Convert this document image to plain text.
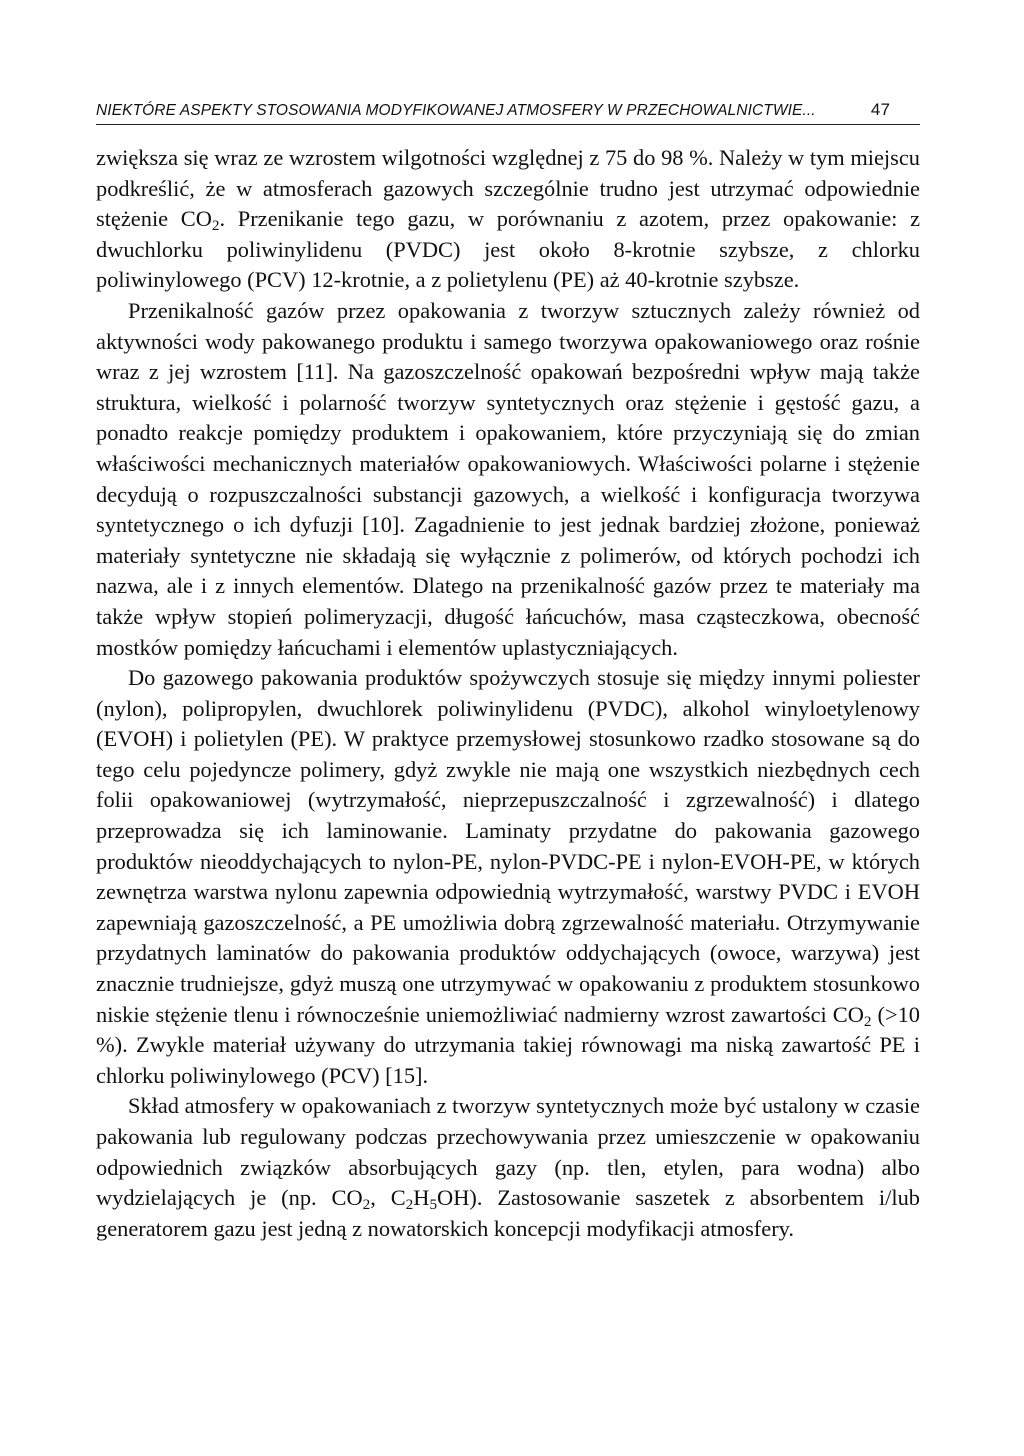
NIEKTÓRE ASPEKTY STOSOWANIA MODYFIKOWANEJ ATMOSFERY W PRZECHOWALNICTWIE...	47

zwiększa się wraz ze wzrostem wilgotności względnej z 75 do 98 %. Należy w tym miejscu podkreślić, że w atmosferach gazowych szczególnie trudno jest utrzymać odpowiednie stężenie $CO_2$. Przenikanie tego gazu, w porównaniu z azotem, przez opakowanie: z dwuchlorku poliwinylidenu (PVDC) jest około 8-krotnie szybsze, z chlorku poliwinylowego (PCV) 12-krotnie, a z polietylenu (PE) aż 40-krotnie szybsze.

Przenikalność gazów przez opakowania z tworzyw sztucznych zależy również od aktywności wody pakowanego produktu i samego tworzywa opakowaniowego oraz rośnie wraz z jej wzrostem [11]. Na gazoszczelność opakowań bezpośredni wpływ mają także struktura, wielkość i polarność tworzyw syntetycznych oraz stężenie i gęstość gazu, a ponadto reakcje pomiędzy produktem i opakowaniem, które przyczyniają się do zmian właściwości mechanicznych materiałów opakowaniowych. Właściwości polarne i stężenie decydują o rozpuszczalności substancji gazowych, a wielkość i konfiguracja tworzywa syntetycznego o ich dyfuzji [10]. Zagadnienie to jest jednak bardziej złożone, ponieważ materiały syntetyczne nie składają się wyłącznie z polimerów, od których pochodzi ich nazwa, ale i z innych elementów. Dlatego na przenikalność gazów przez te materiały ma także wpływ stopień polimeryzacji, długość łańcuchów, masa cząsteczkowa, obecność mostków pomiędzy łańcuchami i elementów uplastyczniających.

Do gazowego pakowania produktów spożywczych stosuje się między innymi poliester (nylon), polipropylen, dwuchlorek poliwinylidenu (PVDC), alkohol winyloetylenowy (EVOH) i polietylen (PE). W praktyce przemysłowej stosunkowo rzadko stosowane są do tego celu pojedyncze polimery, gdyż zwykle nie mają one wszystkich niezbędnych cech folii opakowaniowej (wytrzymałość, nieprzepuszczalność i zgrzewalność) i dlatego przeprowadza się ich laminowanie. Laminaty przydatne do pakowania gazowego produktów nieoddychających to nylon-PE, nylon-PVDC-PE i nylon-EVOH-PE, w których zewnętrza warstwa nylonu zapewnia odpowiednią wytrzymałość, warstwy PVDC i EVOH zapewniają gazoszczelność, a PE umożliwia dobrą zgrzewalność materiału. Otrzymywanie przydatnych laminatów do pakowania produktów oddychających (owoce, warzywa) jest znacznie trudniejsze, gdyż muszą one utrzymywać w opakowaniu z produktem stosunkowo niskie stężenie tlenu i równocześnie uniemożliwiać nadmierny wzrost zawartości $CO_2$ (>10 %). Zwykle materiał używany do utrzymania takiej równowagi ma niską zawartość PE i chlorku poliwinylowego (PCV) [15].

Skład atmosfery w opakowaniach z tworzyw syntetycznych może być ustalony w czasie pakowania lub regulowany podczas przechowywania przez umieszczenie w opakowaniu odpowiednich związków absorbujących gazy (np. tlen, etylen, para wodna) albo wydzielających je (np. $CO_2$, $C_2H_5OH$). Zastosowanie saszetek z absorbentem i/lub generatorem gazu jest jedną z nowatorskich koncepcji modyfikacji atmosfery.
